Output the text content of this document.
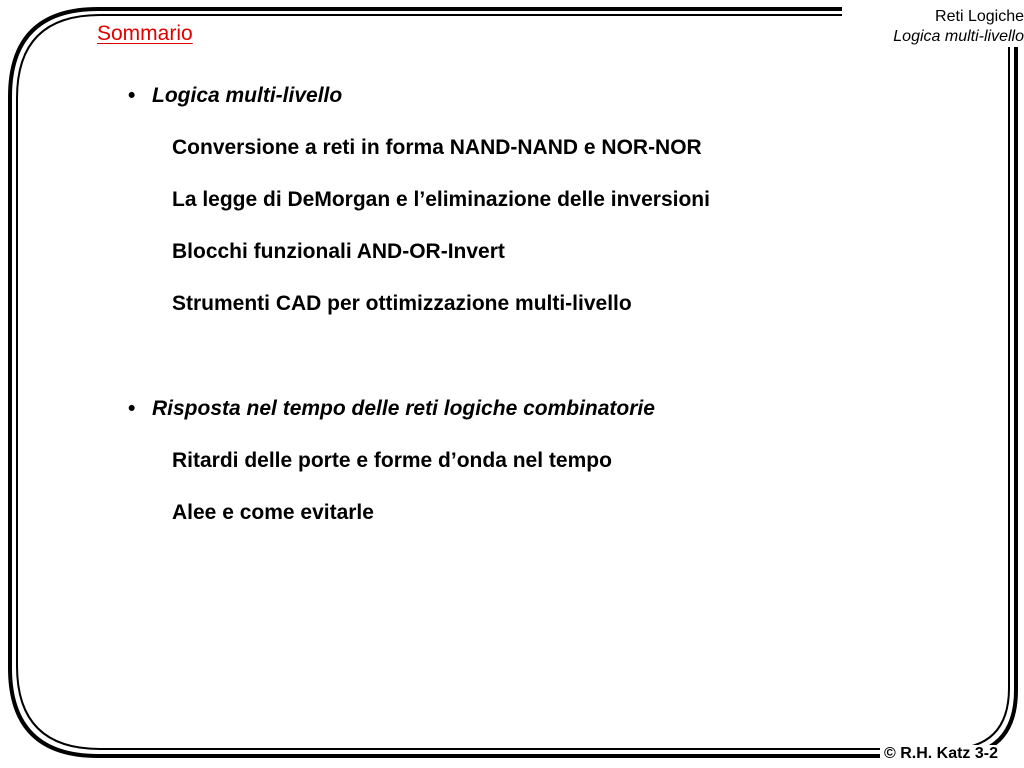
Sommario
Reti Logiche
Logica multi-livello
• Logica multi-livello
Conversione a reti in forma NAND-NAND e NOR-NOR
La legge di DeMorgan e l’eliminazione delle inversioni
Blocchi funzionali AND-OR-Invert
Strumenti CAD per ottimizzazione multi-livello
• Risposta nel tempo delle reti logiche combinatorie
Ritardi delle porte e forme d’onda nel tempo
Alee e come evitarle
© R.H. Katz 3-2
